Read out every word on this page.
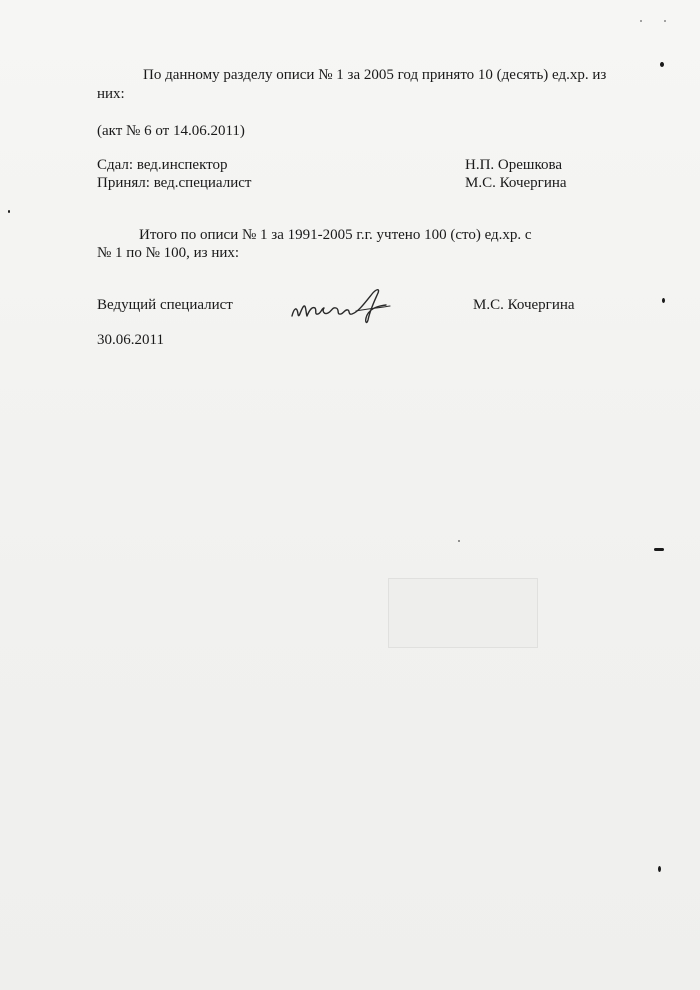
По данному разделу описи № 1 за 2005 год принято 10 (десять) ед.хр. из

них:

(акт № 6 от 14.06.2011)

Сдал: вед.инспектор	Н.П. Орешкова

Принял: вед.специалист	М.С. Кочергина

Итого по описи № 1 за 1991-2005 г.г. учтено 100 (сто) ед.хр. с

№ 1 по № 100, из них:

Ведущий специалист	М.С. Кочергина

30.06.2011
